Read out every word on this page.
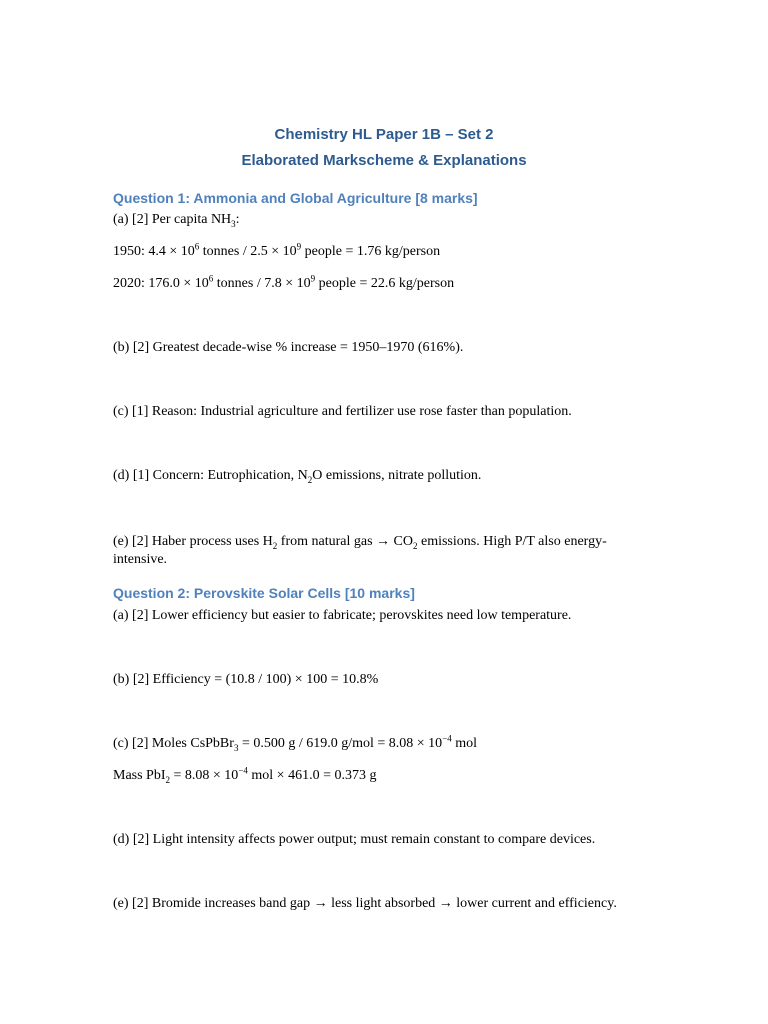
Chemistry HL Paper 1B – Set 2
Elaborated Markscheme & Explanations
Question 1: Ammonia and Global Agriculture [8 marks]
(a) [2] Per capita $NH_3$:
1950: $4.4 \times 10^6$ tonnes / $2.5 \times 10^9$ people = 1.76 kg/person
2020: $176.0 \times 10^6$ tonnes / $7.8 \times 10^9$ people = 22.6 kg/person
(b) [2] Greatest decade-wise % increase = 1950–1970 (616%).
(c) [1] Reason: Industrial agriculture and fertilizer use rose faster than population.
(d) [1] Concern: Eutrophication, $N_2O$ emissions, nitrate pollution.
(e) [2] Haber process uses $H_2$ from natural gas → $CO_2$ emissions. High P/T also energy-intensive.
Question 2: Perovskite Solar Cells [10 marks]
(a) [2] Lower efficiency but easier to fabricate; perovskites need low temperature.
(b) [2] Efficiency = (10.8 / 100) × 100 = 10.8%
(c) [2] Moles CsPbBr$_3$ = 0.500 g / 619.0 $g/mol = 8.08 \times 10^{-4}$ mol
Mass $PbI_2 = 8.08 \times 10^{-4}$ mol × 461.0 = 0.373 g
(d) [2] Light intensity affects power output; must remain constant to compare devices.
(e) [2] Bromide increases band gap → less light absorbed → lower current and efficiency.
